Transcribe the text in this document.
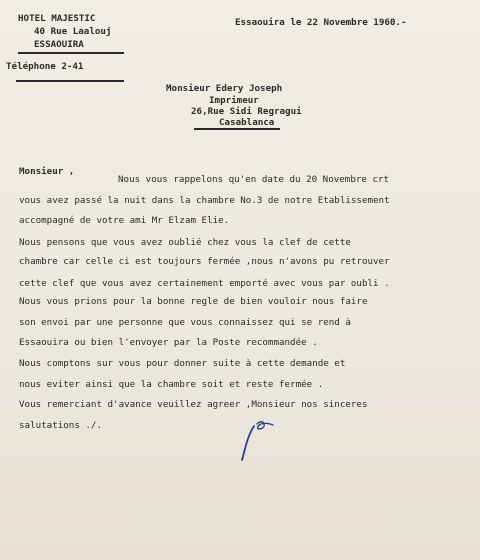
HOTEL MAJESTIC
40 Rue Laalouj
ESSAOUIRA
Téléphone 2-41
Essaouira le 22 Novembre 1960.-
Monsieur Edery Joseph
Imprimeur
26,Rue Sidi Regragui
Casablanca
Monsieur ,
Nous vous rappelons qu'en date du 20 Novembre crt
vous avez passé la nuit dans la chambre No.3 de notre Etablissement
accompagné de votre ami Mr Elzam Elie.
Nous pensons que vous avez oublié chez vous la clef de cette
chambre car celle ci est toujours fermée ,nous n'avons pu retrouver
cette clef que vous avez certainement emporté avec vous par oubli .
Nous vous prions pour la bonne regle de bien vouloir nous faire
son envoi par une personne que vous connaissez qui se rend à
Essaouira ou bien l'envoyer par la Poste recommandée .
Nous comptons sur vous pour donner suite à cette demande et
nous eviter ainsi que la chambre soit et reste fermée .
Vous remerciant d'avance veuillez agreer ,Monsieur nos sinceres
salutations ./.
